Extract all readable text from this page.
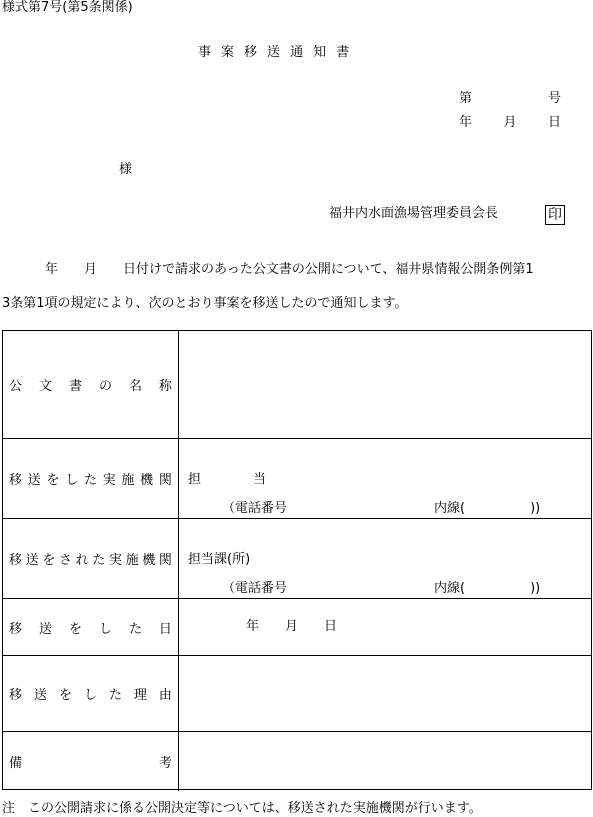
様式第7号(第5条関係)
事案移送通知書
第	号
年 月 日
様
福井内水面漁場管理委員会長	印
年　　月　　日付けで請求のあった公文書の公開について、福井県情報公開条例第1
3条第1項の規定により、次のとおり事案を移送したので通知します。
公 文 書 の 名 称
移 送 を し た 実 施 機 関 担　　　　当
（電話番号	内線(　　　　　))
移 送 を さ れ た 実 施 機 関 担当課(所)
（電話番号	内線(　　　　　))
移 送 を し た 日	年　　月　　日
移 送 を し た 理 由
備	考
注　この公開請求に係る公開決定等については、移送された実施機関が行います。
